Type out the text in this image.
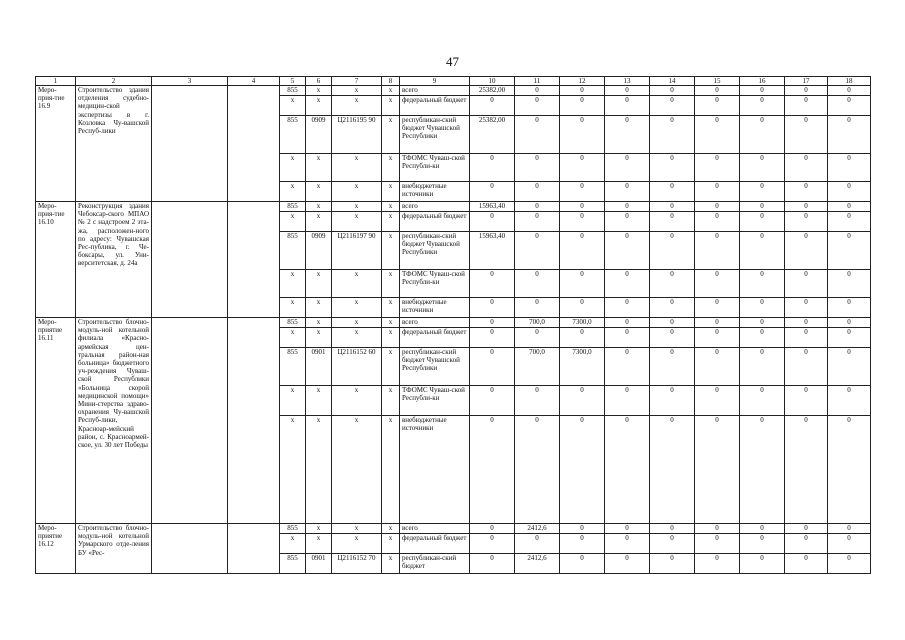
47
1	2	3	4	5	6	7	8	9	10	11	12	13	14	15	16	17	18
Меро-прия-тие 16.9	Строительство здания отделения судебно-медицин-ской экспертизы в г. Козловка Чу-вашской Респуб-лики			855	x	x	x	всего	25382,00	0	0	0	0	0	0	0	0
				x	x	x	x	федеральный бюджет	0	0	0	0	0	0	0	0	0
				855	0909	Ц2116195 90	x	республикан-ский бюджет Чувашской Республики	25382,00	0	0	0	0	0	0	0	0
				x	x	x	x	ТФОМС Чуваш-ской Республи-ки	0	0	0	0	0	0	0	0	0
				x	x	x	x	внебюджетные источники	0	0	0	0	0	0	0	0	0
Меро-прия-тие 16.10	Реконструкция здания Чебоксар-ского МПАО № 2 с надстроем 2 эта-жа, расположен-ного по адресу: Чувашская Рес-публика, г. Че-боксары, ул. Уни-верситетская, д. 24а			855	x	x	x	всего	15963,40	0	0	0	0	0	0	0	0
				x	x	x	x	федеральный бюджет	0	0	0	0	0	0	0	0	0
				855	0909	Ц2116197 90	x	республикан-ский бюджет Чувашской Республики	15963,40	0	0	0	0	0	0	0	0
				x	x	x	x	ТФОМС Чуваш-ской Республи-ки	0	0	0	0	0	0	0	0	0
				x	x	x	x	внебюджетные источники	0	0	0	0	0	0	0	0	0
Меро-приятие 16.11	Строительство блочно-модуль-ной котельной филиала «Красно-армейская цен-тральная район-ная больница» бюджетного уч-реждения Чуваш-ской Республики «Больница скорой медицинской помощи» Мини-стерства здраво-охранения Чу-вашской Респуб-лики, Красноар-мейский район, с. Красноармей-ское, ул. 30 лет Победы			855	x	x	x	всего	0	700,0	7300,0	0	0	0	0	0	0
				x	x	x	x	федеральный бюджет	0	0	0	0	0	0	0	0	0
				855	0901	Ц2116152 60	x	республикан-ский бюджет Чувашской Республики	0	700,0	7300,0	0	0	0	0	0	0
				x	x	x	x	ТФОМС Чуваш-ской Республи-ки	0	0	0	0	0	0	0	0	0
				x	x	x	x	внебюджетные источники	0	0	0	0	0	0	0	0	0
Меро-приятие 16.12	Строительство блочно-модуль-ной котельной Урмарского отде-ления БУ «Рес-			855	x	x	x	всего	0	2412,6	0	0	0	0	0	0	0
				x	x	x	x	федеральный бюджет	0	0	0	0	0	0	0	0	0
				855	0901	Ц2116152 70	x	республикан-ский бюджет	0	2412,6	0	0	0	0	0	0	0
